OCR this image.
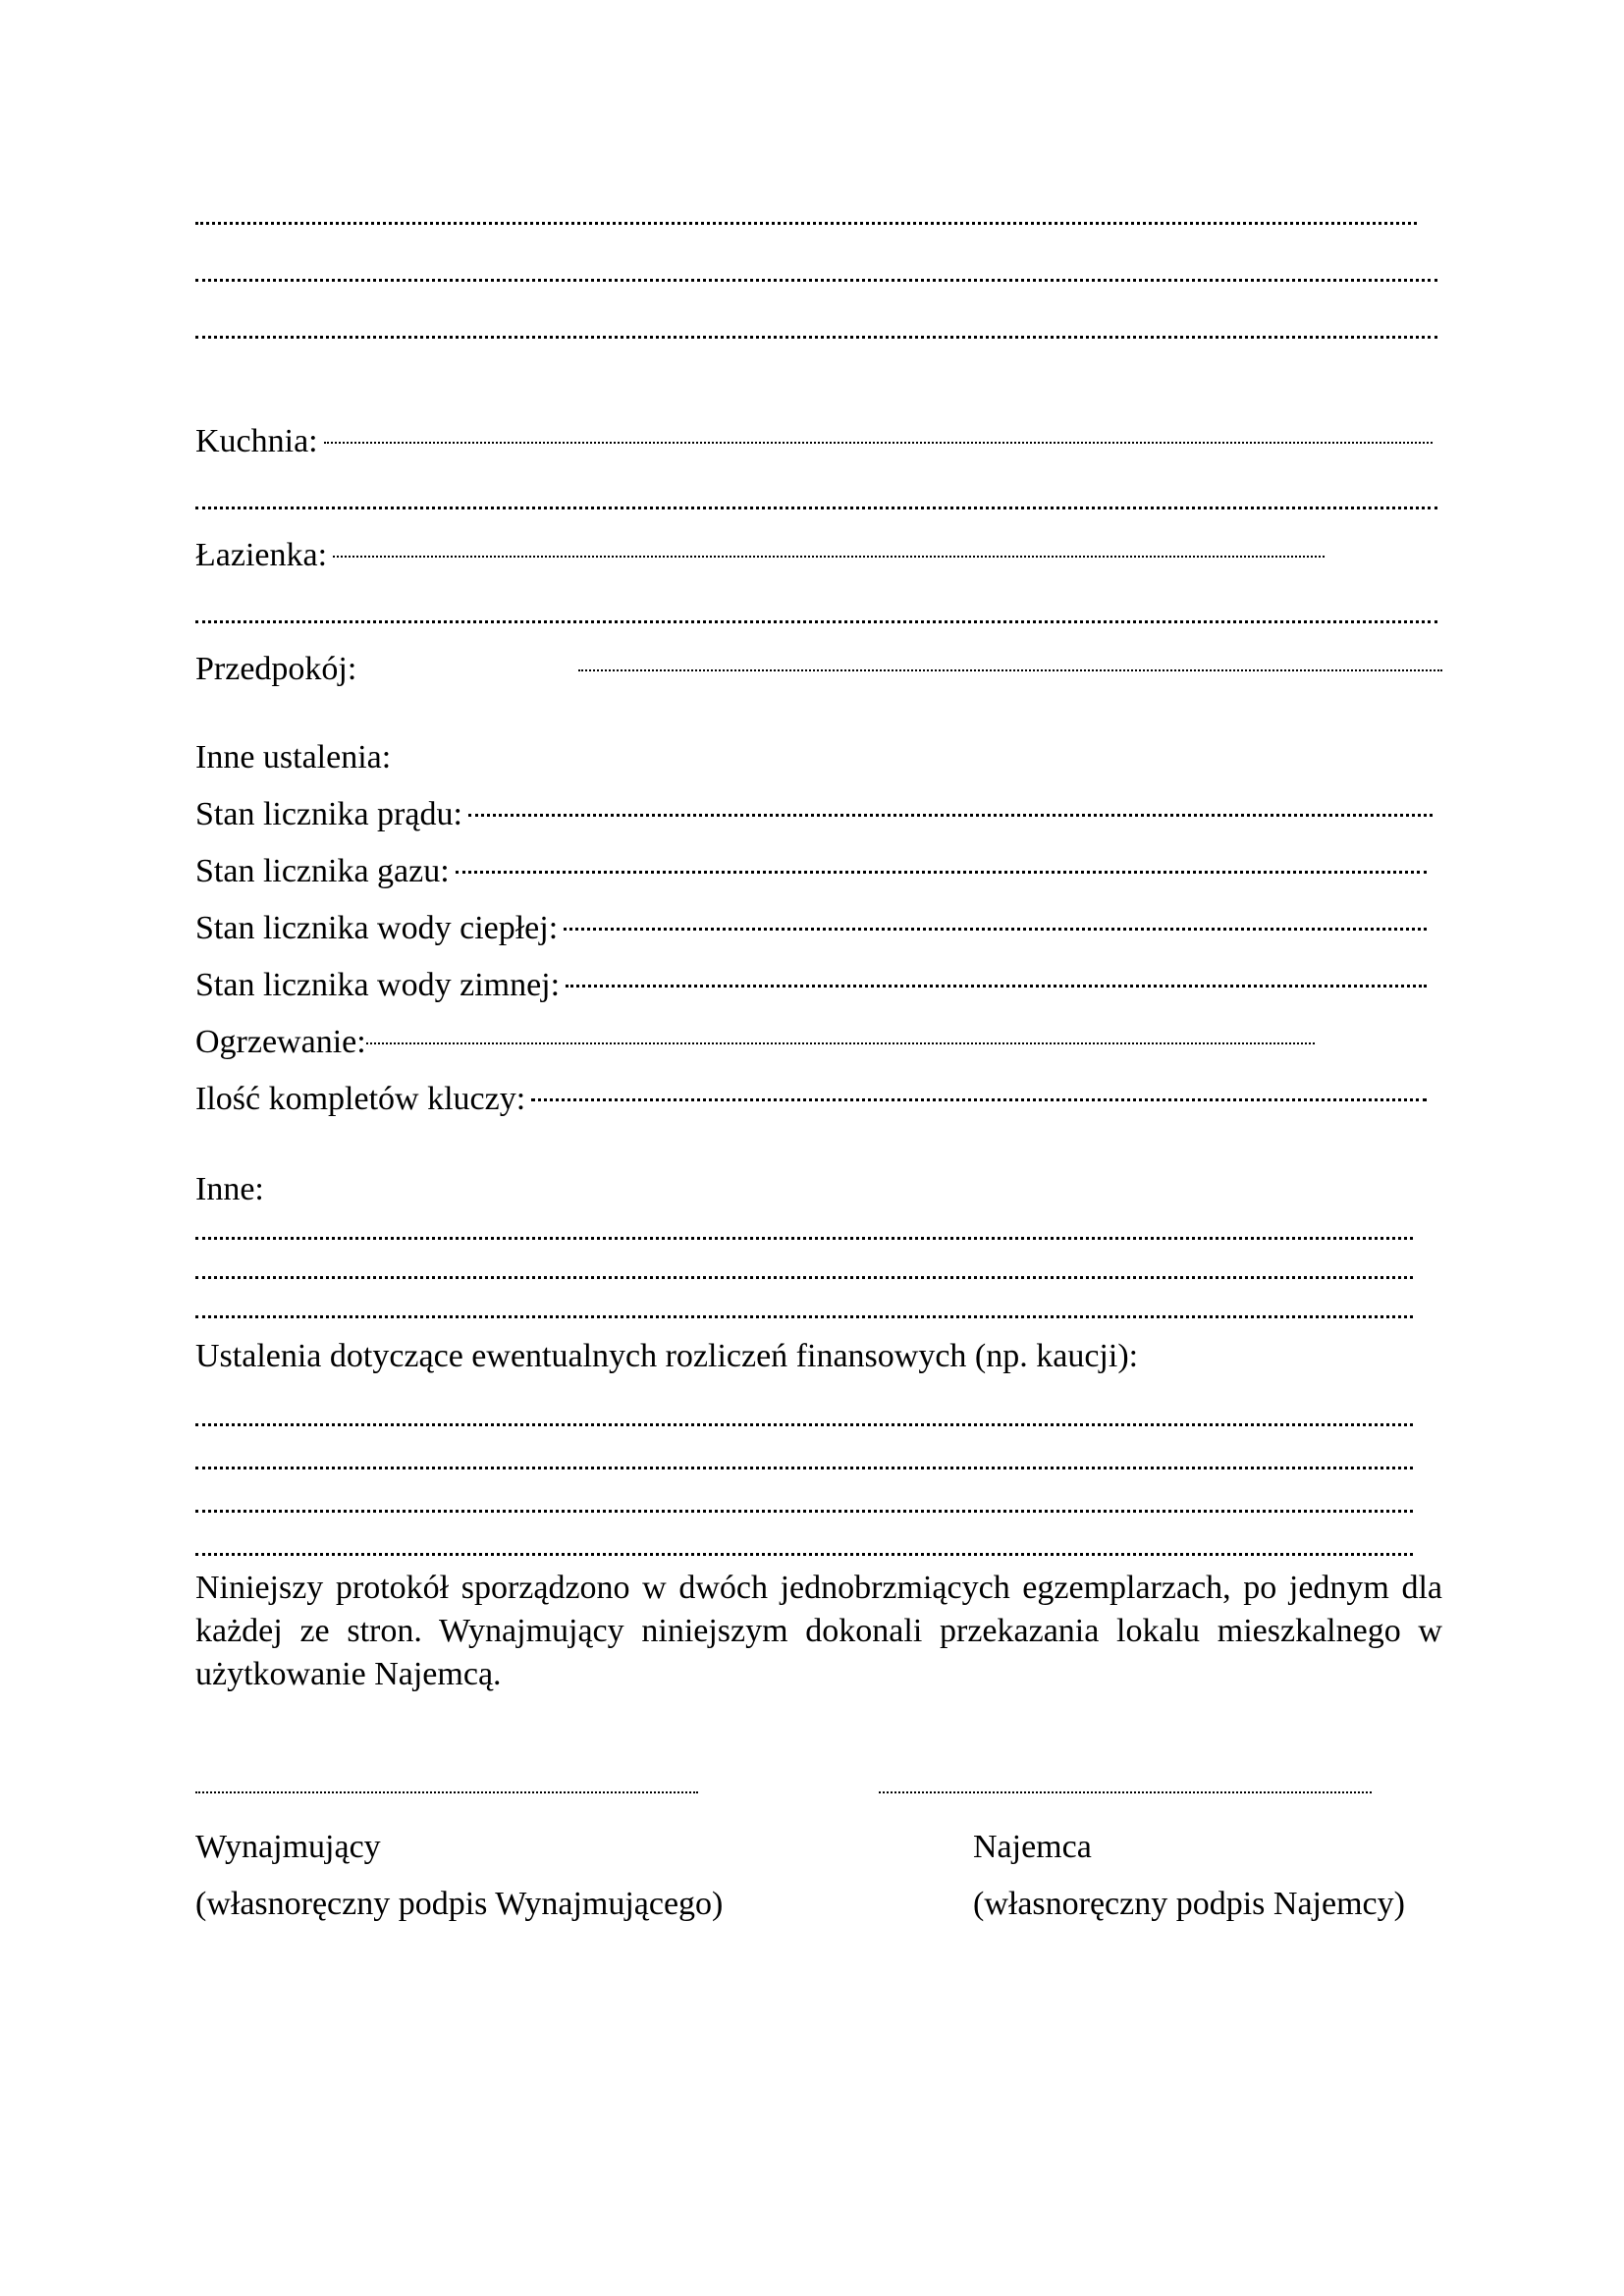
Kuchnia:
Łazienka:
Przedpokój:
Inne ustalenia:
Stan licznika prądu:
Stan licznika gazu:
Stan licznika wody ciepłej:
Stan licznika wody zimnej:
Ogrzewanie:
Ilość kompletów kluczy:
Inne:
Ustalenia dotyczące ewentualnych rozliczeń finansowych (np. kaucji):
Niniejszy protokół sporządzono w dwóch jednobrzmiących egzemplarzach, po jednym dla każdej ze stron. Wynajmujący niniejszym dokonali przekazania lokalu mieszkalnego w użytkowanie Najemcą.
Wynajmujący	Najemca
(własnoręczny podpis Wynajmującego)	(własnoręczny podpis Najemcy)
